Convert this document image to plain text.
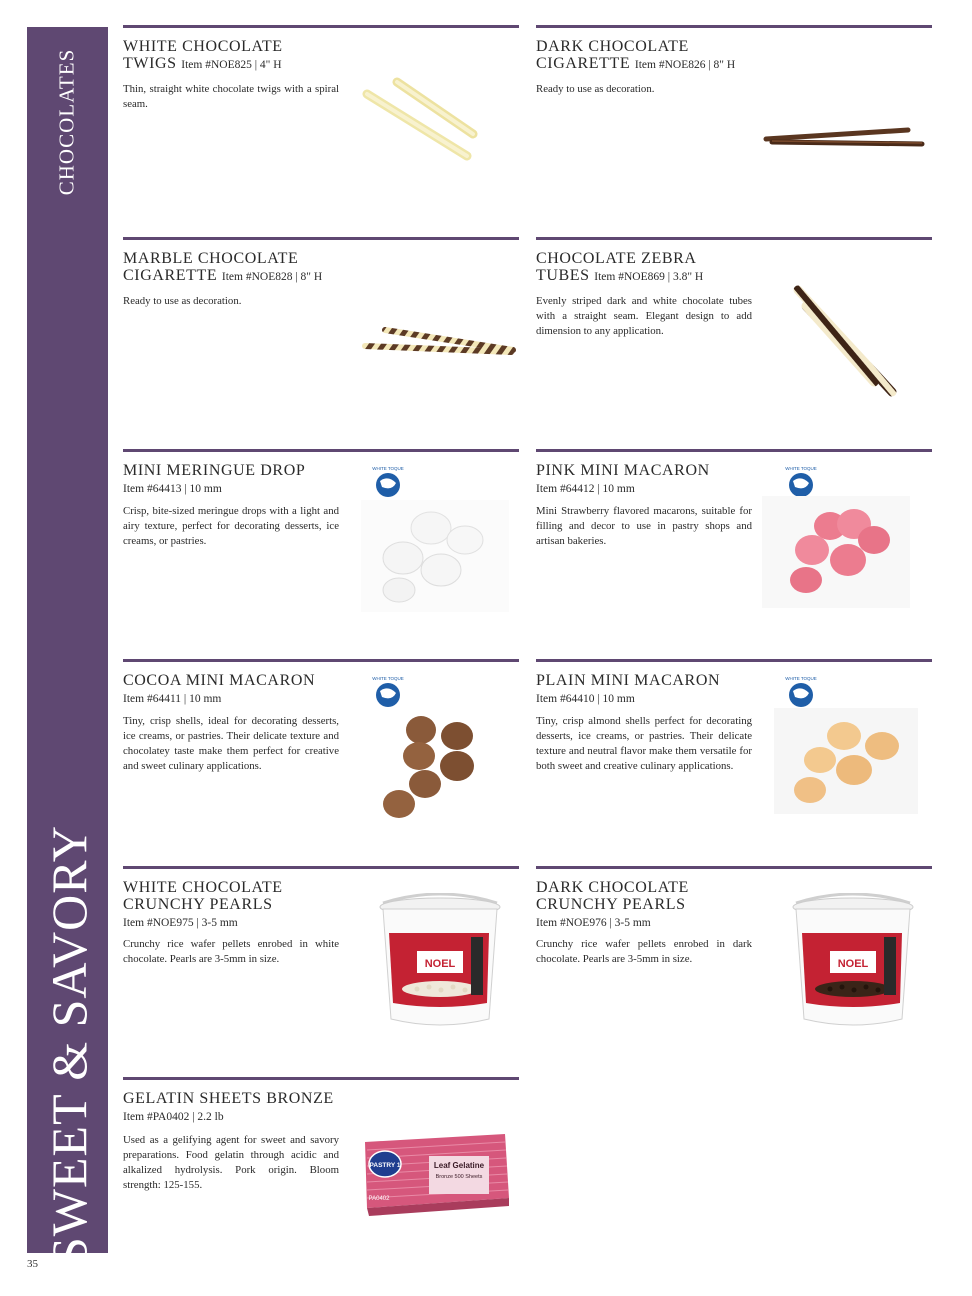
CHOCOLATES
SWEET & SAVORY
WHITE CHOCOLATE
TWIGS Item #NOE825 | 4" H
Thin, straight white chocolate twigs with a spiral seam.
DARK CHOCOLATE
CIGARETTE Item #NOE826 | 8" H
Ready to use as decoration.
MARBLE CHOCOLATE
CIGARETTE Item #NOE828 | 8" H
Ready to use as decoration.
CHOCOLATE ZEBRA
TUBES Item #NOE869 | 3.8" H
Evenly striped dark and white chocolate tubes with a straight seam. Elegant design to add dimension to any application.
MINI MERINGUE DROP
Item #64413 | 10 mm
Crisp, bite-sized meringue drops with a light and airy texture, perfect for decorating desserts, ice creams, or pastries.
WHITE TOQUE	PINK MINI MACARON
Item #64412 | 10 mm
Mini Strawberry flavored macarons, suitable for filling and decor to use in pastry shops and artisan bakeries.
WHITE TOQUE
COCOA MINI MACARON
Item #64411 | 10 mm
Tiny, crisp shells, ideal for decorating desserts, ice creams, or pastries. Their delicate texture and chocolatey taste make them perfect for creative and sweet culinary applications.
WHITE TOQUE	PLAIN MINI MACARON
Item #64410 | 10 mm
Tiny, crisp almond shells perfect for decorating desserts, ice creams, or pastries. Their delicate texture and neutral flavor make them versatile for both sweet and creative culinary applications.
WHITE TOQUE
WHITE CHOCOLATE
CRUNCHY PEARLS
Item #NOE975 | 3-5 mm
Crunchy rice wafer pellets enrobed in white chocolate. Pearls are 3-5mm in size.	NOEL
DARK CHOCOLATE
CRUNCHY PEARLS
Item #NOE976 | 3-5 mm
Crunchy rice wafer pellets enrobed in dark chocolate. Pearls are 3-5mm in size.	NOEL
GELATIN SHEETS BRONZE
Item #PA0402 | 2.2 lb
Used as a gelifying agent for sweet and savory preparations. Food gelatin through acidic and alkalized hydrolysis. Pork origin. Bloom strength: 125-155.
PASTRY 1	Leaf Gelatine
Bronze 500 Sheets
PA0402
35
